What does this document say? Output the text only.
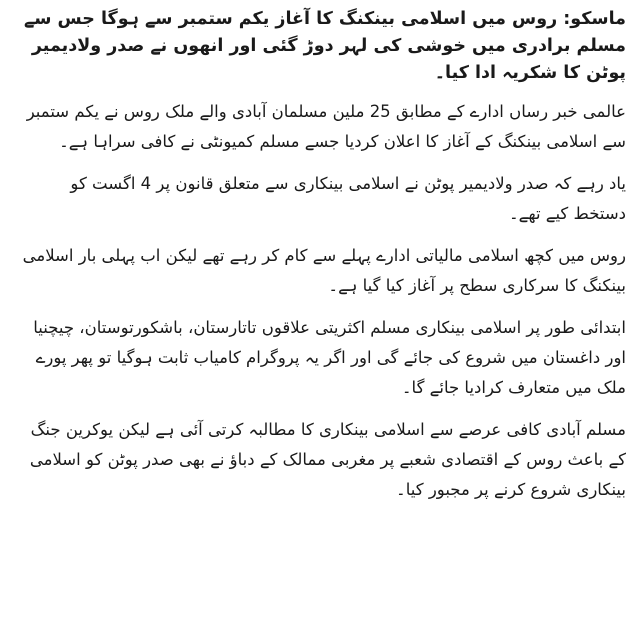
ماسکو: روس میں اسلامی بینکنگ کا آغاز یکم ستمبر سے ہوگا جس سے مسلم برادری میں خوشی کی لہر دوڑ گئی اور انھوں نے صدر ولادیمیر پوٹن کا شکریہ ادا کیا۔

عالمی خبر رساں ادارے کے مطابق 25 ملین مسلمان آبادی والے ملک روس نے یکم ستمبر سے اسلامی بینکنگ کے آغاز کا اعلان کردیا جسے مسلم کمیونٹی نے کافی سراہا ہے۔

یاد رہے کہ صدر ولادیمیر پوٹن نے اسلامی بینکاری سے متعلق قانون پر 4 اگست کو دستخط کیے تھے۔

روس میں کچھ اسلامی مالیاتی ادارے پہلے سے کام کر رہے تھے لیکن اب پہلی بار اسلامی بینکنگ کا سرکاری سطح پر آغاز کیا گیا ہے۔

ابتدائی طور پر اسلامی بینکاری مسلم اکثریتی علاقوں تاتارستان، باشکورتوستان، چیچنیا اور داغستان میں شروع کی جائے گی اور اگر یہ پروگرام کامیاب ثابت ہوگیا تو پھر پورے ملک میں متعارف کرادیا جائے گا۔

مسلم آبادی کافی عرصے سے اسلامی بینکاری کا مطالبہ کرتی آئی ہے لیکن یوکرین جنگ کے باعث روس کے اقتصادی شعبے پر مغربی ممالک کے دباؤ نے بھی صدر پوٹن کو اسلامی بینکاری شروع کرنے پر مجبور کیا۔
